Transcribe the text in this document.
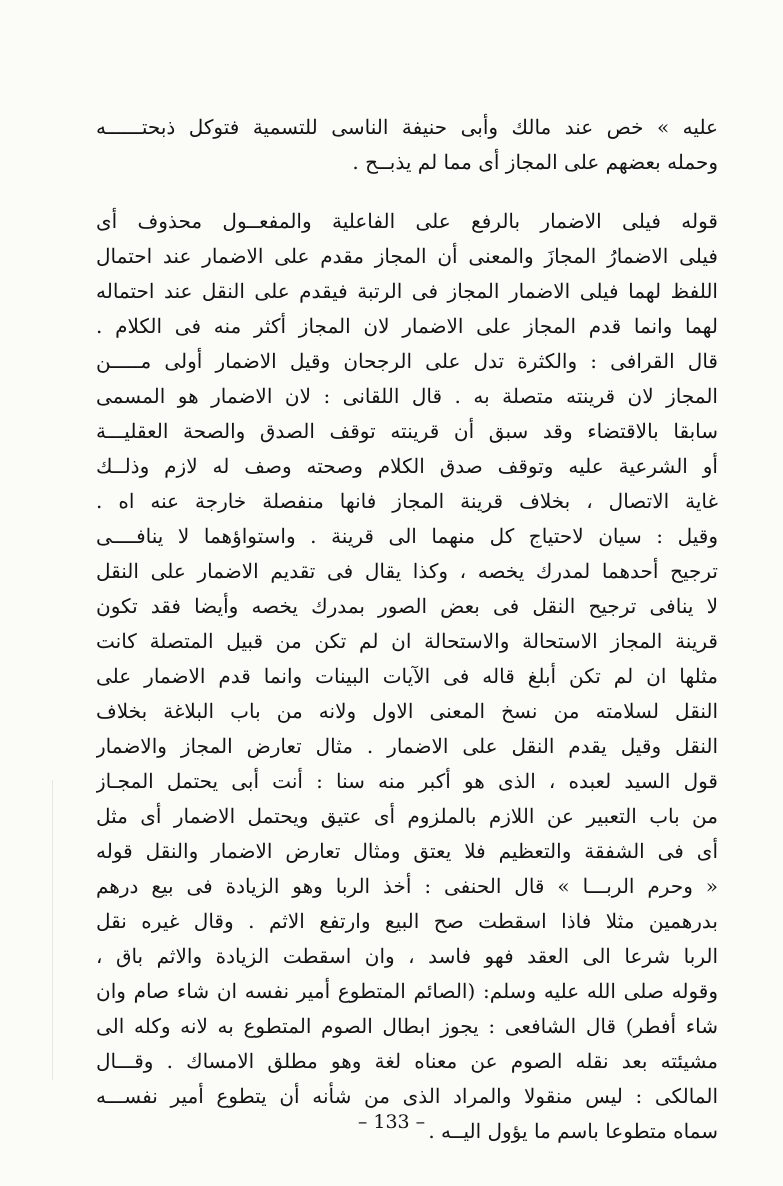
عليه » خص عند مالك وأبى حنيفة الناسى للتسمية فتوكل ذبحتــــــه
وحمله بعضهم على المجاز أى مما لم يذبــح .
قوله فيلى الاضمار بالرفع على الفاعلية والمفعــول محذوف أى
فيلى الاضمارُ المجازَ والمعنى أن المجاز مقدم على الاضمار عند احتمال
اللفظ لهما فيلى الاضمار المجاز فى الرتبة فيقدم على النقل عند احتماله
لهما وانما قدم المجاز على الاضمار لان المجاز أكثر منه فى الكلام .
قال القرافى : والكثرة تدل على الرجحان وقيل الاضمار أولى مـــــن
المجاز لان قرينته متصلة به . قال اللقانى : لان الاضمار هو المسمى
سابقا بالاقتضاء وقد سبق أن قرينته توقف الصدق والصحة العقليـــة
أو الشرعية عليه وتوقف صدق الكلام وصحته وصف له لازم وذلــك
غاية الاتصال ، بخلاف قرينة المجاز فانها منفصلة خارجة عنه اه .
وقيل : سيان لاحتياج كل منهما الى قرينة . واستواؤهما لا ينافــــى
ترجيح أحدهما لمدرك يخصه ، وكذا يقال فى تقديم الاضمار على النقل
لا ينافى ترجيح النقل فى بعض الصور بمدرك يخصه وأيضا فقد تكون
قرينة المجاز الاستحالة والاستحالة ان لم تكن من قبيل المتصلة كانت
مثلها ان لم تكن أبلغ قاله فى الآيات البينات وانما قدم الاضمار على
النقل لسلامته من نسخ المعنى الاول ولانه من باب البلاغة بخلاف
النقل وقيل يقدم النقل على الاضمار . مثال تعارض المجاز والاضمار
قول السيد لعبده ، الذى هو أكبر منه سنا : أنت أبى يحتمل المجـاز
من باب التعبير عن اللازم بالملزوم أى عتيق ويحتمل الاضمار أى مثل
أى فى الشفقة والتعظيم فلا يعتق ومثال تعارض الاضمار والنقل قوله
« وحرم الربـــا » قال الحنفى : أخذ الربا وهو الزيادة فى بيع درهم
بدرهمين مثلا فاذا اسقطت صح البيع وارتفع الاثم . وقال غيره نقل
الربا شرعا الى العقد فهو فاسد ، وان اسقطت الزيادة والاثم باق ،
وقوله صلى الله عليه وسلم: (الصائم المتطوع أمير نفسه ان شاء صام وان
شاء أفطر) قال الشافعى : يجوز ابطال الصوم المتطوع به لانه وكله الى
مشيئته بعد نقله الصوم عن معناه لغة وهو مطلق الامساك . وقـــال
المالكى : ليس منقولا والمراد الذى من شأنه أن يتطوع أمير نفســـه
سماه متطوعا باسم ما يؤول اليــه .
– 133 –
